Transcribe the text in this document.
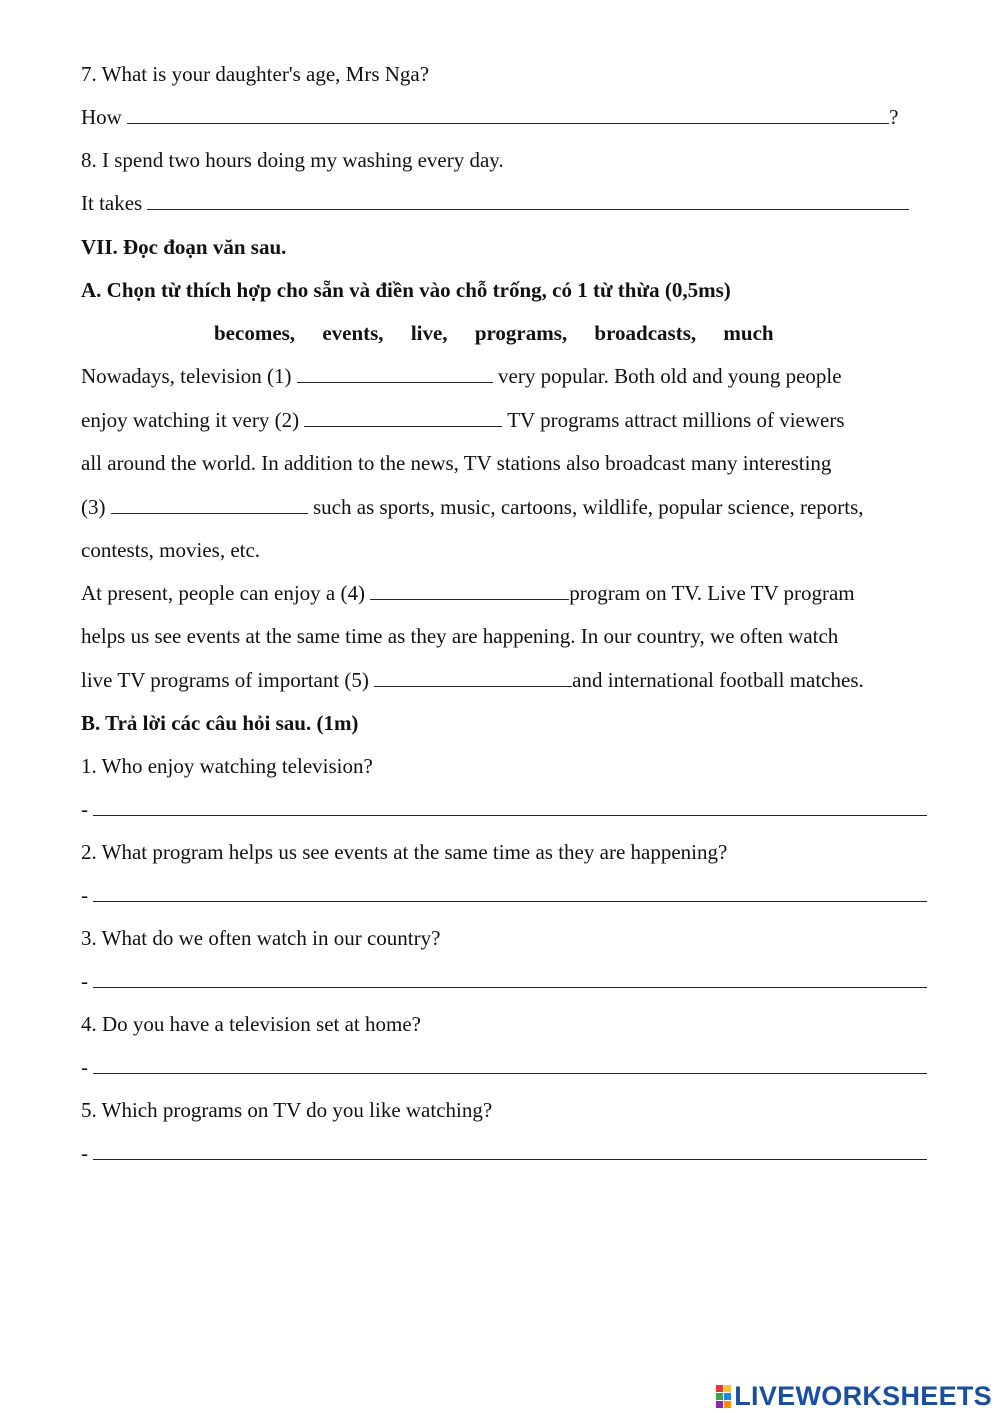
7. What is your daughter's age, Mrs Nga?
How	?
8. I spend two hours doing my washing every day.
It takes
VII. Đọc đoạn văn sau.
A. Chọn từ thích hợp cho sẵn và điền vào chỗ trống, có 1 từ thừa (0,5ms)
becomes, events, live, programs, broadcasts, much
Nowadays, television (1)	very popular. Both old and young people
enjoy watching it very (2)	TV programs attract millions of viewers
all around the world. In addition to the news, TV stations also broadcast many interesting
(3)	such as sports, music, cartoons, wildlife, popular science, reports,
contests, movies, etc.
At present, people can enjoy a (4)	program on TV. Live TV program
helps us see events at the same time as they are happening. In our country, we often watch
live TV programs of important (5)	and international football matches.
B. Trả lời các câu hỏi sau. (1m)
1. Who enjoy watching television?
-
2. What program helps us see events at the same time as they are happening?
-
3. What do we often watch in our country?
-
4. Do you have a television set at home?
-
5. Which programs on TV do you like watching?
-
LIVEWORKSHEETS
